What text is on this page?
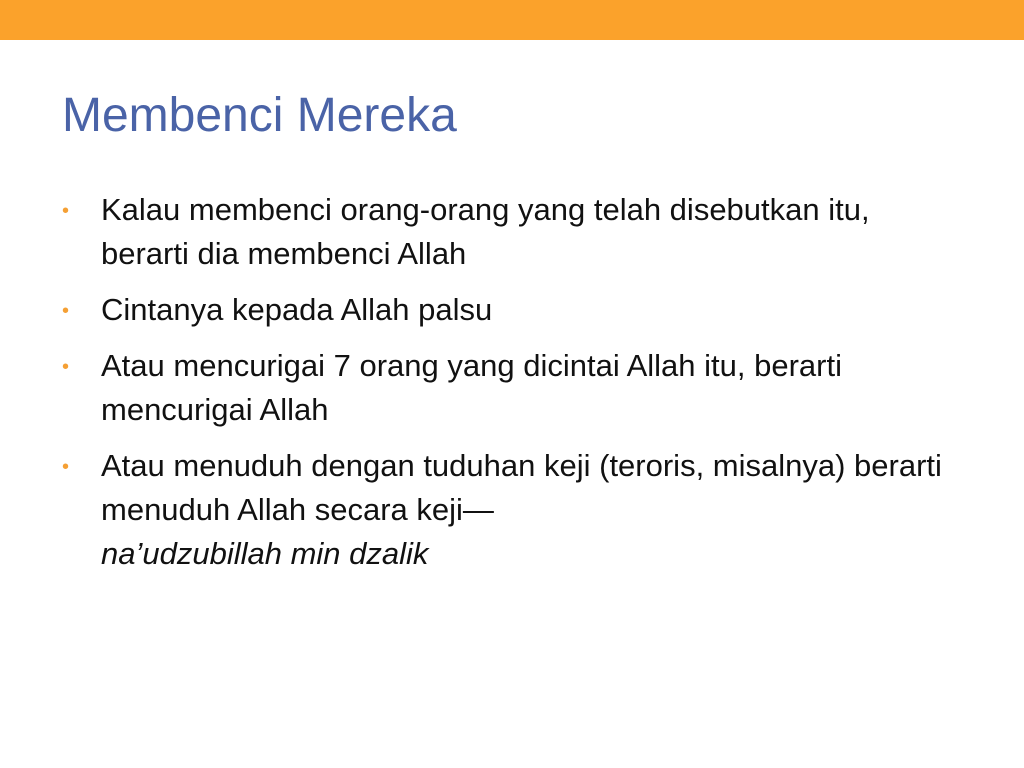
Membenci Mereka
•	Kalau membenci orang-orang yang telah disebutkan itu, berarti dia membenci Allah
•	Cintanya kepada Allah palsu
•	Atau mencurigai 7 orang yang dicintai Allah itu, berarti mencurigai Allah
•	Atau menuduh dengan tuduhan keji (teroris, misalnya) berarti menuduh Allah secara keji—
na’udzubillah min dzalik
